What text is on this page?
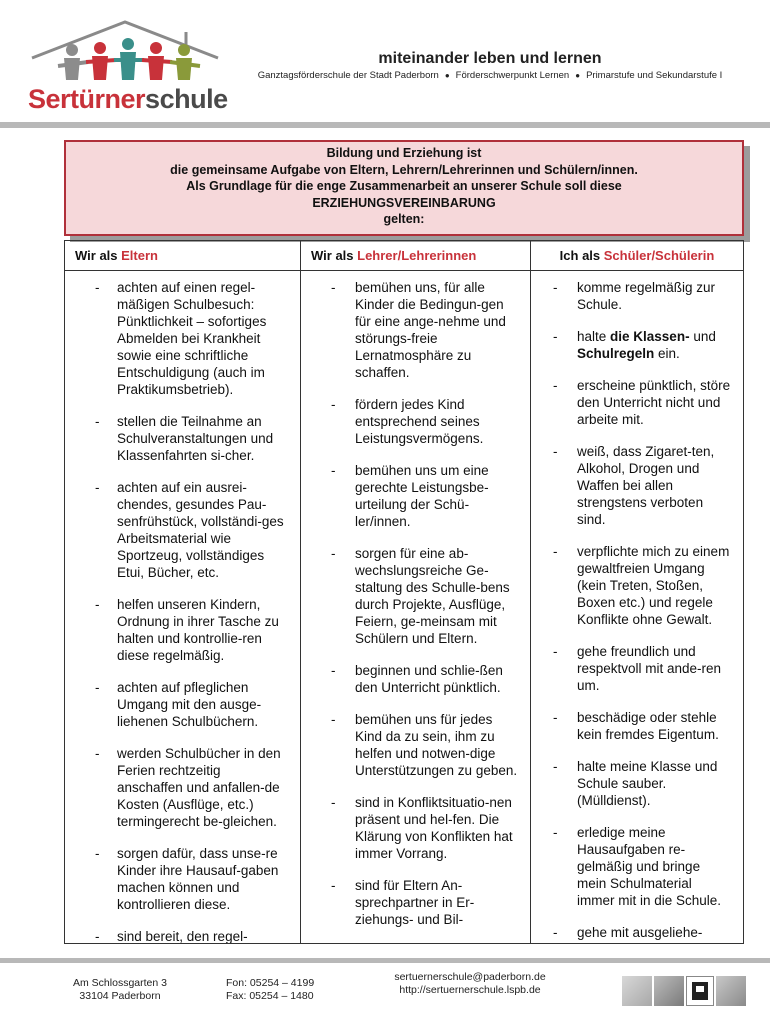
Sertürnerschule
miteinander leben und lernen
Ganztagsförderschule der Stadt Paderborn ● Förderschwerpunkt Lernen ● Primarstufe und Sekundarstufe I
Bildung und Erziehung ist
die gemeinsame Aufgabe von Eltern, Lehrern/Lehrerinnen und Schülern/innen.
Als Grundlage für die enge Zusammenarbeit an unserer Schule soll diese
ERZIEHUNGSVEREINBARUNG
gelten:
Wir als Eltern
- achten auf einen regel-mäßigen Schulbesuch: Pünktlichkeit – sofortiges Abmelden bei Krankheit sowie eine schriftliche Entschuldigung (auch im Praktikumsbetrieb).
- stellen die Teilnahme an Schulveranstaltungen und Klassenfahrten si-cher.
- achten auf ein ausrei-chendes, gesundes Pau-senfrühstück, vollständi-ges Arbeitsmaterial wie Sportzeug, vollständiges Etui, Bücher, etc.
- helfen unseren Kindern, Ordnung in ihrer Tasche zu halten und kontrollie-ren diese regelmäßig.
- achten auf pfleglichen Umgang mit den ausge-liehenen Schulbüchern.
- werden Schulbücher in den Ferien rechtzeitig anschaffen und anfallen-de Kosten (Ausflüge, etc.) termingerecht be-gleichen.
- sorgen dafür, dass unse-re Kinder ihre Hausauf-gaben machen können und kontrollieren diese.
- sind bereit, den regel-
Wir als Lehrer/Lehrerinnen
- bemühen uns, für alle Kinder die Bedingun-gen für eine ange-nehme und störungs-freie Lernatmosphäre zu schaffen.
- fördern jedes Kind entsprechend seines Leistungsvermögens.
- bemühen uns um eine gerechte Leistungsbe-urteilung der Schü-ler/innen.
- sorgen für eine ab-wechslungsreiche Ge-staltung des Schulle-bens durch Projekte, Ausflüge, Feiern, ge-meinsam mit Schülern und Eltern.
- beginnen und schlie-ßen den Unterricht pünktlich.
- bemühen uns für jedes Kind da zu sein, ihm zu helfen und notwen-dige Unterstützungen zu geben.
- sind in Konfliktsituatio-nen präsent und hel-fen. Die Klärung von Konflikten hat immer Vorrang.
- sind für Eltern An-sprechpartner in Er-ziehungs- und Bil-
Ich als Schüler/Schülerin
- komme regelmäßig zur Schule.
- halte die Klassen- und Schulregeln ein.
- erscheine pünktlich, störe den Unterricht nicht und arbeite mit.
- weiß, dass Zigaret-ten, Alkohol, Drogen und Waffen bei allen strengstens verboten sind.
- verpflichte mich zu einem gewaltfreien Umgang (kein Treten, Stoßen, Boxen etc.) und regele Konflikte ohne Gewalt.
- gehe freundlich und respektvoll mit ande-ren um.
- beschädige oder stehle kein fremdes Eigentum.
- halte meine Klasse und Schule sauber. (Mülldienst).
- erledige meine Hausaufgaben re-gelmäßig und bringe mein Schulmaterial immer mit in die Schule.
- gehe mit ausgeliehe-
Am Schlossgarten 3
33104 Paderborn
Fon: 05254 – 4199
Fax: 05254 – 1480
sertuernerschule@paderborn.de
http://sertuernerschule.lspb.de
